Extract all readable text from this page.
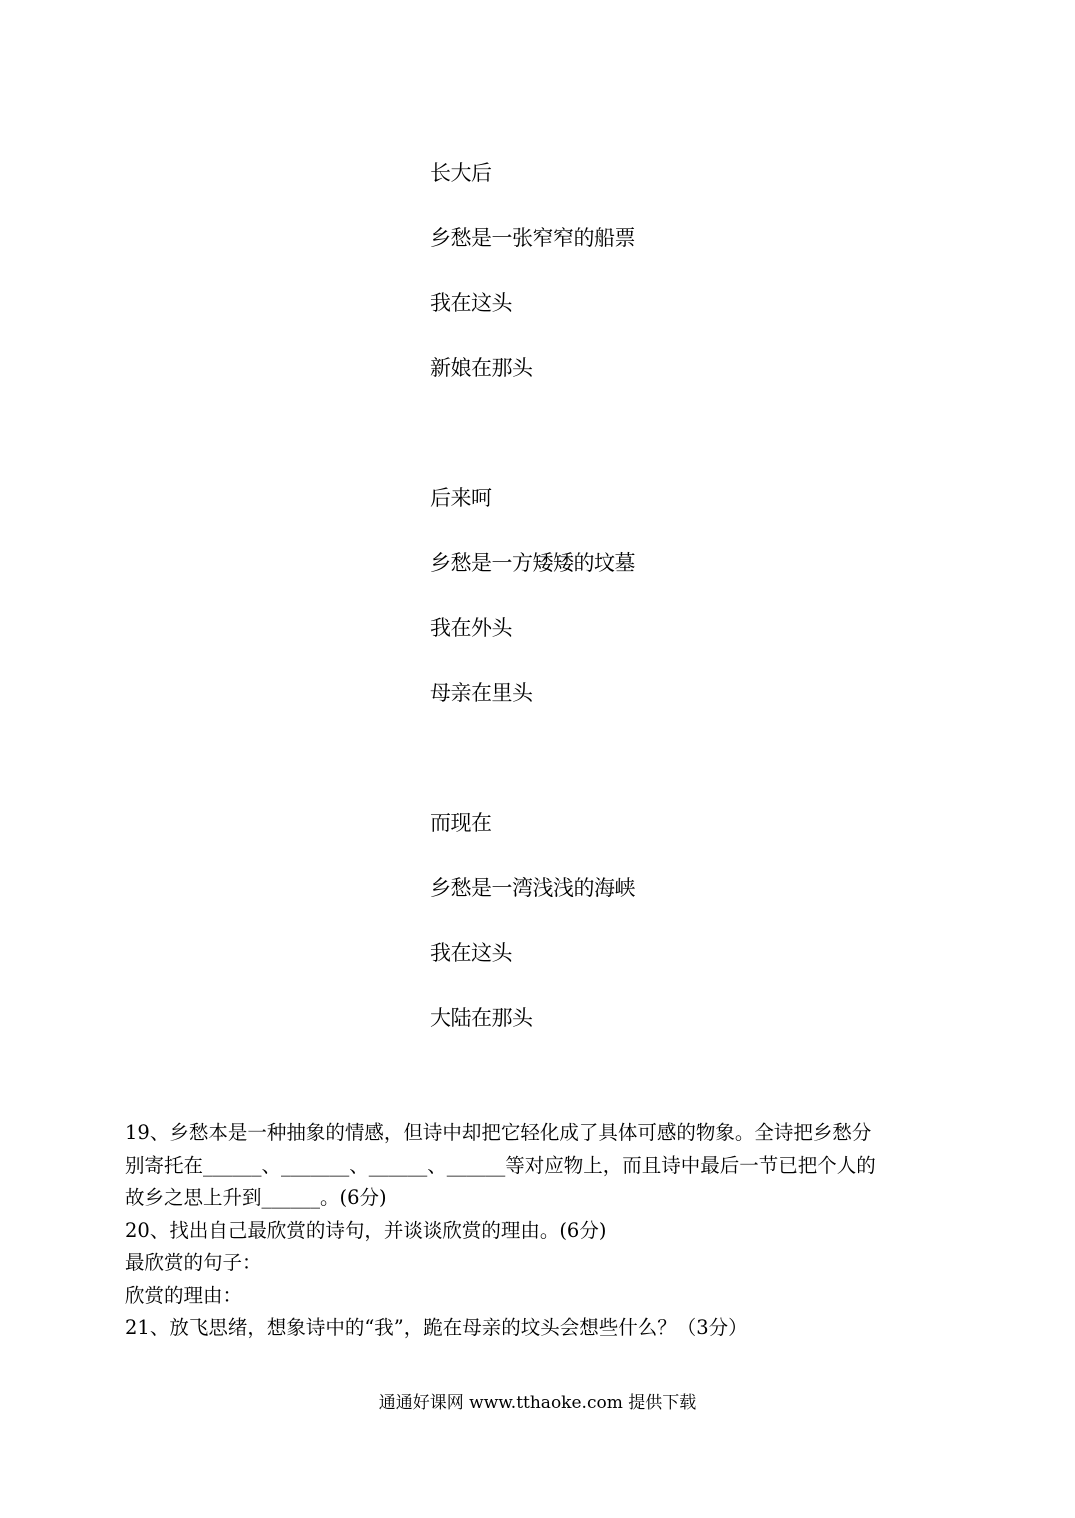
长大后
乡愁是一张窄窄的船票
我在这头
新娘在那头
后来呵
乡愁是一方矮矮的坟墓
我在外头
母亲在里头
而现在
乡愁是一湾浅浅的海峡
我在这头
大陆在那头
19、乡愁本是一种抽象的情感，但诗中却把它轻化成了具体可感的物象。全诗把乡愁分
别寄托在______、_______、______、______等对应物上，而且诗中最后一节已把个人的
故乡之思上升到______。(6分)
20、找出自己最欣赏的诗句，并谈谈欣赏的理由。(6分)
最欣赏的句子：
欣赏的理由：
21、放飞思绪，想象诗中的“我”，跪在母亲的坟头会想些什么？（3分）
通通好课网 www.tthaoke.com 提供下载
